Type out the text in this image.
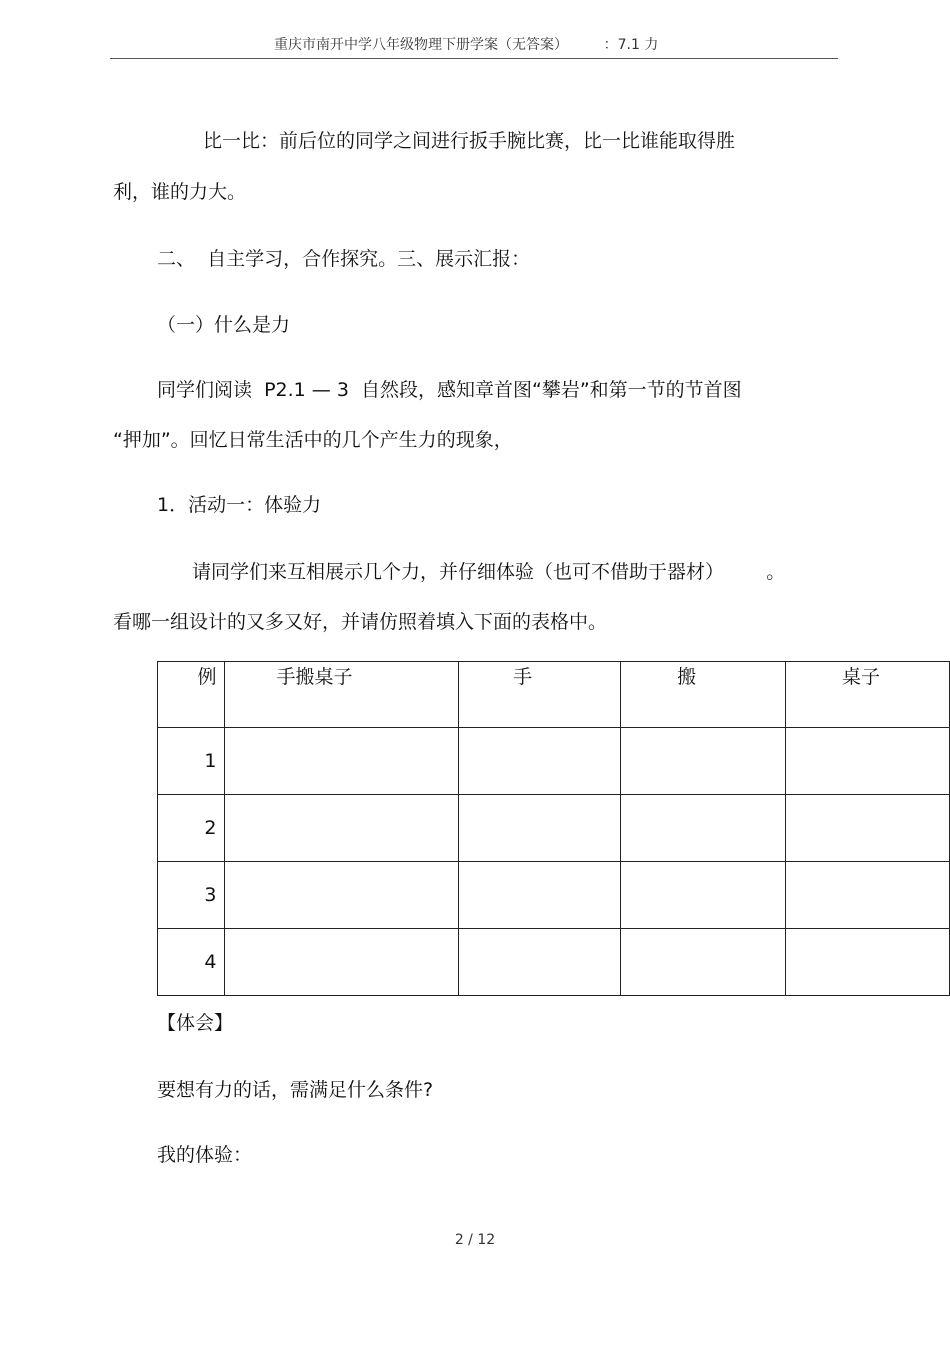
重庆市南开中学八年级物理下册学案（无答案）        ：7.1 力
比一比：前后位的同学之间进行扳手腕比赛，比一比谁能取得胜
利，谁的力大。
二、  自主学习，合作探究。三、展示汇报：
（一）什么是力
同学们阅读  P2.1 — 3  自然段，感知章首图“攀岩”和第一节的节首图
“押加”。回忆日常生活中的几个产生力的现象，
1．活动一：体验力
请同学们来互相展示几个力，并仔细体验（也可不借助于器材）       。
看哪一组设计的又多又好，并请仿照着填入下面的表格中。
例	手搬桌子	手	搬	桌子
1				
2				
3				
4				
【体会】
要想有力的话，需满足什么条件?
我的体验：
2 / 12
